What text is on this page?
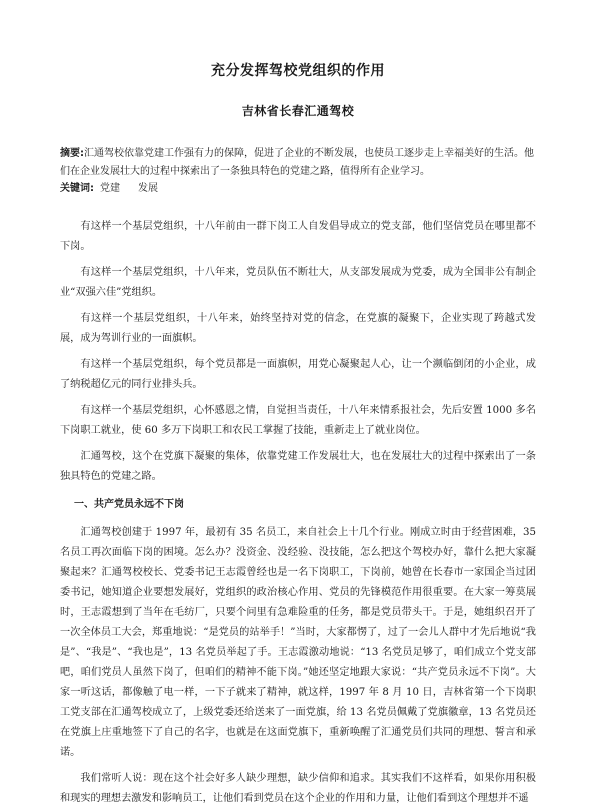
充分发挥驾校党组织的作用
吉林省长春汇通驾校
摘要:汇通驾校依靠党建工作强有力的保障，促进了企业的不断发展，也使员工逐步走上幸福美好的生活。他们在企业发展壮大的过程中探索出了一条独具特色的党建之路，值得所有企业学习。
关键词: 党建 发展

有这样一个基层党组织，十八年前由一群下岗工人自发倡导成立的党支部，他们坚信党员在哪里都不下岗。

有这样一个基层党组织，十八年来，党员队伍不断壮大，从支部发展成为党委，成为全国非公有制企业“双强六佳”党组织。

有这样一个基层党组织，十八年来，始终坚持对党的信念，在党旗的凝聚下，企业实现了跨越式发展，成为驾训行业的一面旗帜。

有这样一个基层党组织，每个党员都是一面旗帜，用党心凝聚起人心，让一个濒临倒闭的小企业，成了纳税超亿元的同行业排头兵。

有这样一个基层党组织，心怀感恩之情，自觉担当责任，十八年来情系报社会，先后安置 1000 多名下岗职工就业，使 60 多万下岗职工和农民工掌握了技能，重新走上了就业岗位。

汇通驾校，这个在党旗下凝聚的集体，依靠党建工作发展壮大，也在发展壮大的过程中探索出了一条独具特色的党建之路。

一、共产党员永远不下岗

汇通驾校创建于 1997 年，最初有 35 名员工，来自社会上十几个行业。刚成立时由于经营困难，35 名员工再次面临下岗的困境。怎么办？没资金、没经验、没技能，怎么把这个驾校办好，靠什么把大家凝聚起来？汇通驾校校长、党委书记王志霞曾经也是一名下岗职工，下岗前，她曾在长春市一家国企当过团委书记，她知道企业要想发展好，党组织的政治核心作用、党员的先锋模范作用很重要。在大家一筹莫展时，王志霞想到了当年在毛纺厂，只要个问里有急难险重的任务，都是党员带头干。于是，她组织召开了一次全体员工大会，郑重地说：“是党员的站举手！”当时，大家都愣了，过了一会儿人群中才先后地说“我是”、“我是”、“我也是”，13 名党员举起了手。王志霞激动地说：“13 名党员足够了，咱们成立个党支部吧，咱们党员人虽然下岗了，但咱们的精神不能下岗。”她还坚定地跟大家说：“共产党员永远不下岗”。大家一听这话，都像触了电一样，一下子就来了精神，就这样，1997 年 8 月 10 日，吉林省第一个下岗职工党支部在汇通驾校成立了，上级党委还给送来了一面党旗，给 13 名党员佩戴了党旗徽章，13 名党员还在党旗上庄重地签下了自己的名字，也就是在这面党旗下，重新唤醒了汇通党员们共同的理想、誓言和承诺。

我们常听人说：现在这个社会好多人缺少理想，缺少信仰和追求。其实我们不这样看，如果你用积极和现实的理想去激发和影响员工，让他们看到党员在这个企业的作用和力量，让他们看到这个理想并不遥
